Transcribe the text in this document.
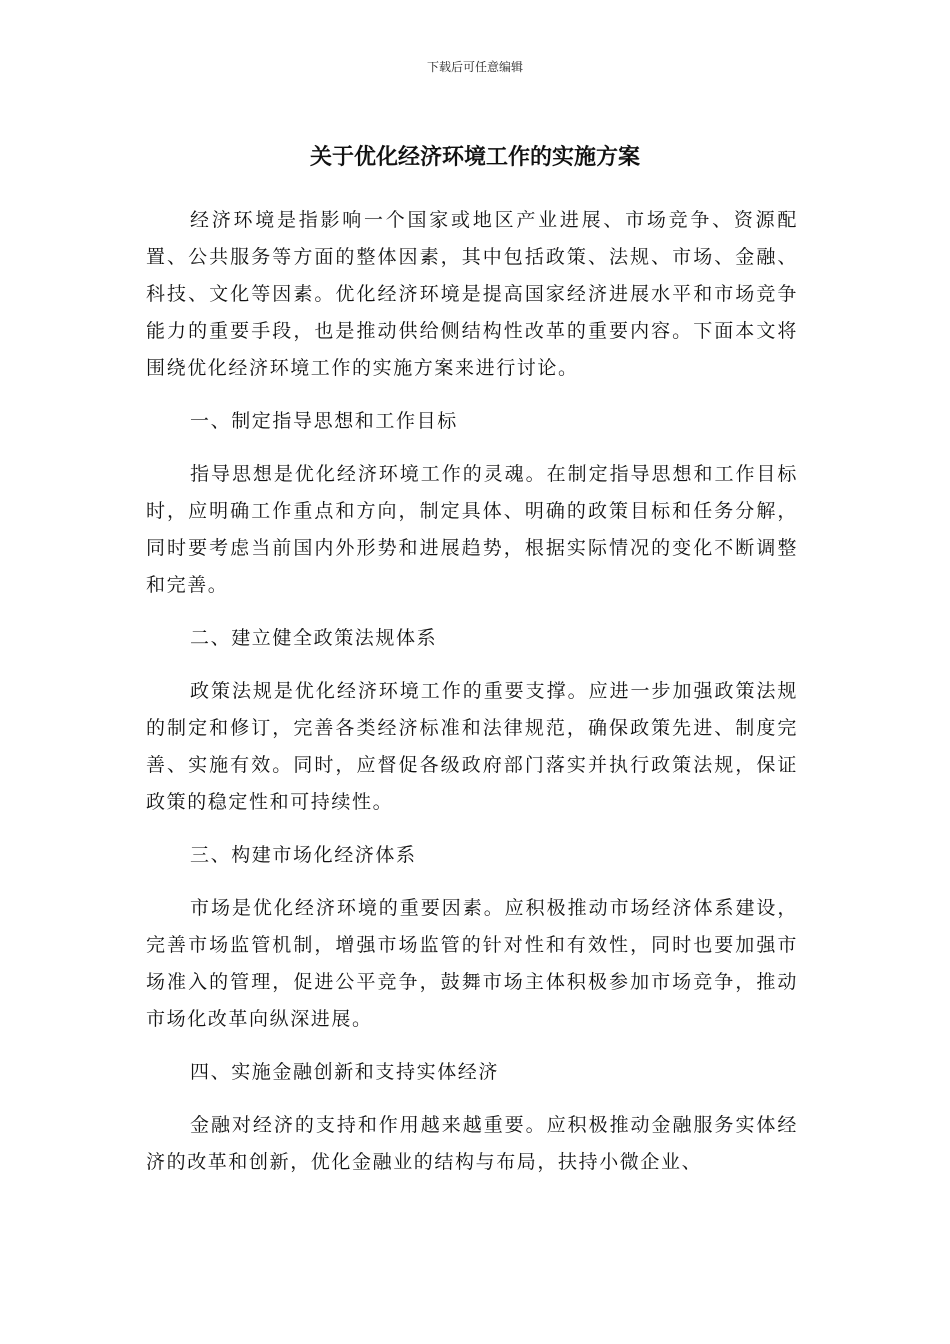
下载后可任意编辑
关于优化经济环境工作的实施方案

经济环境是指影响一个国家或地区产业进展、市场竞争、资源配置、公共服务等方面的整体因素，其中包括政策、法规、市场、金融、科技、文化等因素。优化经济环境是提高国家经济进展水平和市场竞争能力的重要手段，也是推动供给侧结构性改革的重要内容。下面本文将围绕优化经济环境工作的实施方案来进行讨论。

一、制定指导思想和工作目标

指导思想是优化经济环境工作的灵魂。在制定指导思想和工作目标时，应明确工作重点和方向，制定具体、明确的政策目标和任务分解，同时要考虑当前国内外形势和进展趋势，根据实际情况的变化不断调整和完善。

二、建立健全政策法规体系

政策法规是优化经济环境工作的重要支撑。应进一步加强政策法规的制定和修订，完善各类经济标准和法律规范，确保政策先进、制度完善、实施有效。同时，应督促各级政府部门落实并执行政策法规，保证政策的稳定性和可持续性。

三、构建市场化经济体系

市场是优化经济环境的重要因素。应积极推动市场经济体系建设，完善市场监管机制，增强市场监管的针对性和有效性，同时也要加强市场准入的管理，促进公平竞争，鼓舞市场主体积极参加市场竞争，推动市场化改革向纵深进展。

四、实施金融创新和支持实体经济

金融对经济的支持和作用越来越重要。应积极推动金融服务实体经济的改革和创新，优化金融业的结构与布局，扶持小微企业、
